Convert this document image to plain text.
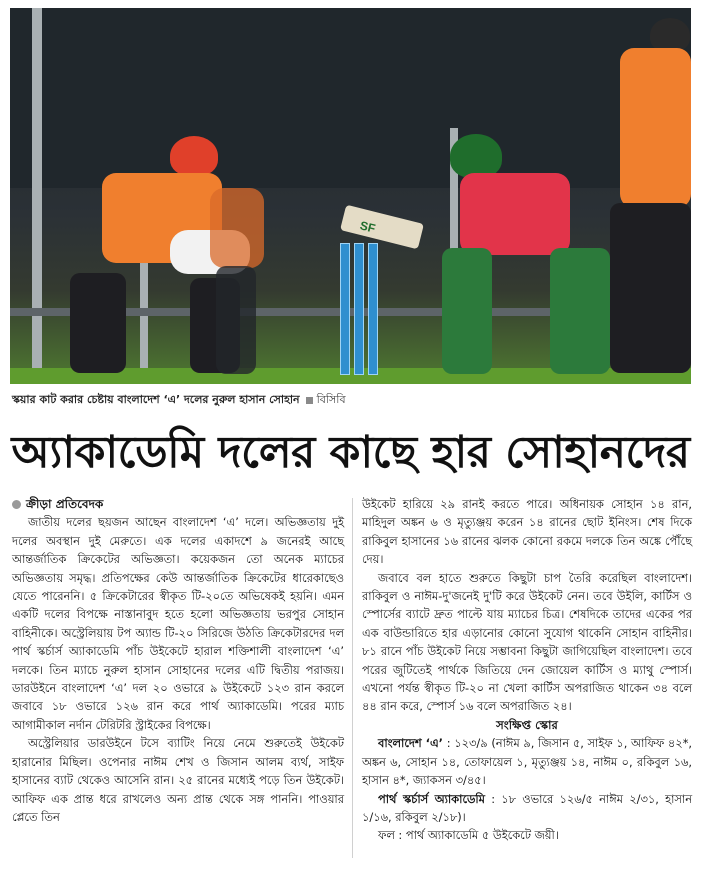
SF
স্কয়ার কাট করার চেষ্টায় বাংলাদেশ ‘এ’ দলের নুরুল হাসান সোহান বিসিবি
অ্যাকাডেমি দলের কাছে হার সোহানদের

ক্রীড়া প্রতিবেদক

জাতীয় দলের ছয়জন আছেন বাংলাদেশ ‘এ’ দলে। অভিজ্ঞতায় দুই দলের অবস্থান দুই মেরুতে। এক দলের একাদশে ৯ জনেরই আছে আন্তর্জাতিক ক্রিকেটের অভিজ্ঞতা। কয়েকজন তো অনেক ম্যাচের অভিজ্ঞতায় সমৃদ্ধ। প্রতিপক্ষের কেউ আন্তর্জাতিক ক্রিকেটের ধারেকাছেও যেতে পারেননি। ৫ ক্রিকেটারের স্বীকৃত টি-২০তে অভিষেকই হয়নি। এমন একটি দলের বিপক্ষে নাস্তানাবুদ হতে হলো অভিজ্ঞতায় ভরপুর সোহান বাহিনীকে। অস্ট্রেলিয়ায় টপ অ্যান্ড টি-২০ সিরিজে উঠতি ক্রিকেটারদের দল পার্থ স্কর্চার্স অ্যাকাডেমি পাঁচ উইকেটে হারাল শক্তিশালী বাংলাদেশ ‘এ’ দলকে। তিন ম্যাচে নুরুল হাসান সোহানের দলের এটি দ্বিতীয় পরাজয়। ডারউইনে বাংলাদেশ ‘এ’ দল ২০ ওভারে ৯ উইকেটে ১২৩ রান করলে জবাবে ১৮ ওভারে ১২৬ রান করে পার্থ অ্যাকাডেমি। পরের ম্যাচ আগামীকাল নর্দান টেরিটরি স্ট্রাইকের বিপক্ষে।

অস্ট্রেলিয়ার ডারউইনে টসে ব্যাটিং নিয়ে নেমে শুরুতেই উইকেট হারানোর মিছিল। ওপেনার নাঈম শেখ ও জিসান আলম ব্যর্থ, সাইফ হাসানের ব্যাট থেকেও আসেনি রান। ২৫ রানের মধ্যেই পড়ে তিন উইকেট। আফিফ এক প্রান্ত ধরে রাখলেও অন্য প্রান্ত থেকে সঙ্গ পাননি। পাওয়ার প্লেতে তিন

উইকেট হারিয়ে ২৯ রানই করতে পারে। অধিনায়ক সোহান ১৪ রান, মাহিদুল অঙ্কন ৬ ও মৃত্যুঞ্জয় করেন ১৪ রানের ছোট ইনিংস। শেষ দিকে রাকিবুল হাসানের ১৬ রানের ঝলক কোনো রকমে দলকে তিন অঙ্কে পৌঁছে দেয়।

জবাবে বল হাতে শুরুতে কিছুটা চাপ তৈরি করেছিল বাংলাদেশ। রাকিবুল ও নাঈম-দু'জনেই দু'টি করে উইকেট নেন। তবে উইলি, কার্টিস ও স্পোর্সের ব্যাটে দ্রুত পাল্টে যায় ম্যাচের চিত্র। শেষদিকে তাদের একের পর এক বাউন্ডারিতে হার এড়ানোর কোনো সুযোগ থাকেনি সোহান বাহিনীর। ৮১ রানে পাঁচ উইকেট নিয়ে সম্ভাবনা কিছুটা জাগিয়েছিল বাংলাদেশ। তবে পরের জুটিতেই পার্থকে জিতিয়ে দেন জোয়েল কার্টিস ও ম্যাথু স্পোর্স। এখনো পর্যন্ত স্বীকৃত টি-২০ না খেলা কার্টিস অপরাজিত থাকেন ৩৪ বলে ৪৪ রান করে, স্পোর্স ১৬ বলে অপরাজিত ২৪।

সংক্ষিপ্ত স্কোর

বাংলাদেশ ‘এ’ : ১২৩/৯ (নাঈম ৯, জিসান ৫, সাইফ ১, আফিফ ৪২*, অঙ্কন ৬, সোহান ১৪, তোফায়েল ১, মৃত্যুঞ্জয় ১৪, নাঈম ০, রকিবুল ১৬, হাসান ৪*, জ্যাকসন ৩/৪৫।

পার্থ স্কর্চার্স অ্যাকাডেমি : ১৮ ওভারে ১২৬/৫ নাঈম ২/৩১, হাসান ১/১৬, রকিবুল ২/১৮)।

ফল : পার্থ অ্যাকাডেমি ৫ উইকেটে জয়ী।
